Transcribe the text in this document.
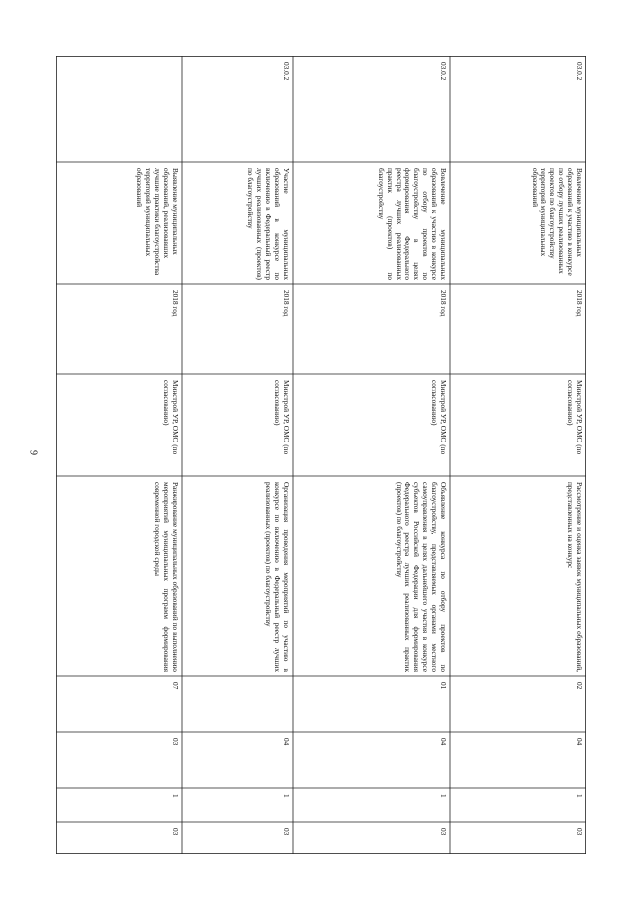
9
Выявление муниципальных образований, реализовавших лучшие практики благоустройства территорий муниципальных образований
2018 год
Минстрой УР, ОМС (по согласованию)
Ранжирование муниципальных образований по выполнению мероприятий муниципальных программ формирования современной городской среды
07
03
1
03
03.0.2
Участие муниципальных образований в конкурсе по включению в Федеральный реестр лучших реализованных (проектов) по благоустройству
2018 год
Минстрой УР, ОМС (по согласованию)
Организация проведения мероприятий по участию в конкурсе по включению в Федеральный реестр лучших реализованных (проектов) по благоустройству
04
1
03
03.0.2
Вовлечение муниципальных образований к участию в конкурсе по отбору проектов по благоустройству в целях формирования Федерального реестра лучших реализованных практик (проектов) по благоустройству
2018 год
Минстрой УР, ОМС (по согласованию)
Объявление конкурса по отбору проектов по благоустройству, представляемых органами местного самоуправления в целях дальнейшего участия в конкурсе субъектов Российской Федерации для формирования Федерального реестра лучших реализованных практик (проектов) по благоустройству
01
04
1
03
03.0.2
Вовлечение муниципальных образований к участию в конкурсе по отбору лучших реализованных проектов по благоустройству территорий муниципальных образований
2018 год
Минстрой УР, ОМС (по согласованию)
Рассмотрение и оценка заявок муниципальных образований, представленных на конкурс
02
04
1
03
